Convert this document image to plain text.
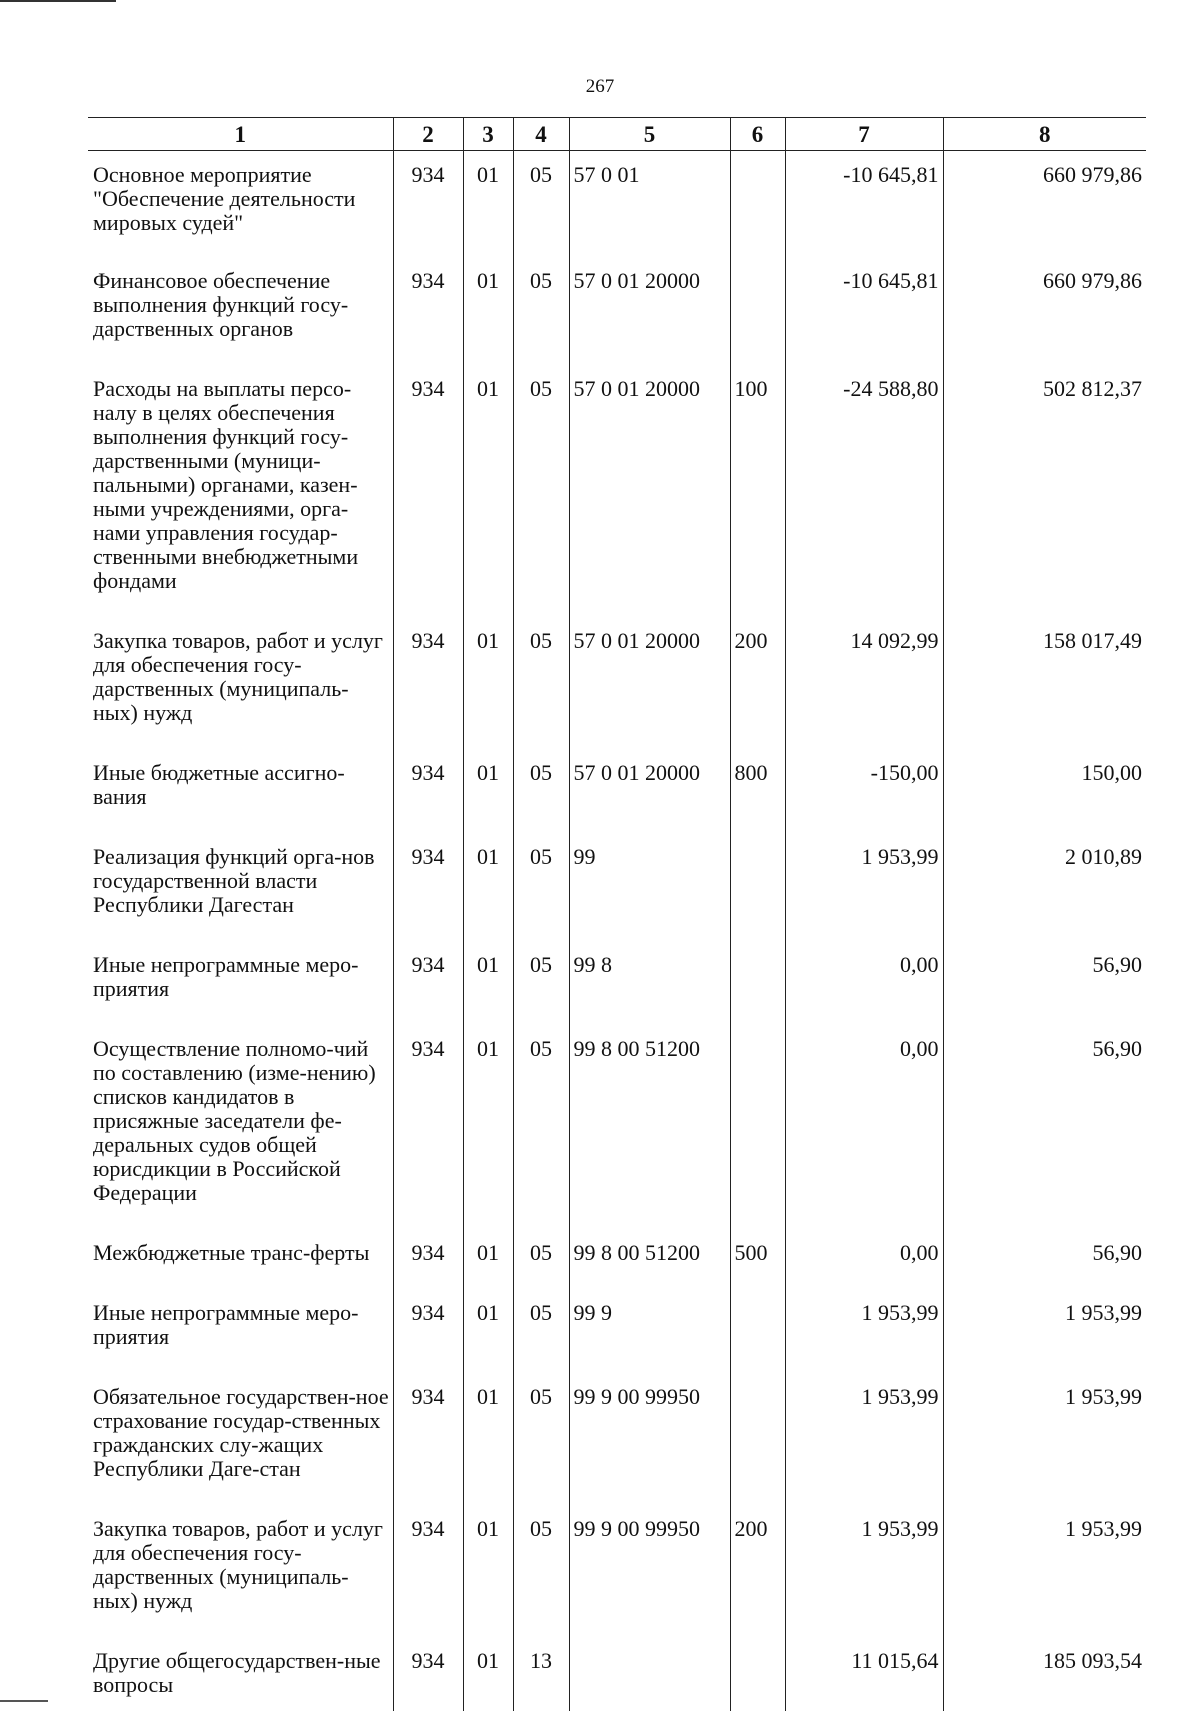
267
1	2	3	4	5	6	7	8
Основное мероприятие "Обеспечение деятельности мировых судей"	934	01	05	57 0 01		-10 645,81	660 979,86
Финансовое обеспечение выполнения функций госу-дарственных органов	934	01	05	57 0 01 20000		-10 645,81	660 979,86
Расходы на выплаты персо-налу в целях обеспечения выполнения функций госу-дарственными (муници-пальными) органами, казен-ными учреждениями, орга-нами управления государ-ственными внебюджетными фондами	934	01	05	57 0 01 20000	100	-24 588,80	502 812,37
Закупка товаров, работ и услуг для обеспечения госу-дарственных (муниципаль-ных) нужд	934	01	05	57 0 01 20000	200	14 092,99	158 017,49
Иные бюджетные ассигно-вания	934	01	05	57 0 01 20000	800	-150,00	150,00
Реализация функций орга-нов государственной власти Республики Дагестан	934	01	05	99		1 953,99	2 010,89
Иные непрограммные меро-приятия	934	01	05	99 8		0,00	56,90
Осуществление полномо-чий по составлению (изме-нению) списков кандидатов в присяжные заседатели фе-деральных судов общей юрисдикции в Российской Федерации	934	01	05	99 8 00 51200		0,00	56,90
Межбюджетные транс-ферты	934	01	05	99 8 00 51200	500	0,00	56,90
Иные непрограммные меро-приятия	934	01	05	99 9		1 953,99	1 953,99
Обязательное государствен-ное страхование государ-ственных гражданских слу-жащих Республики Даге-стан	934	01	05	99 9 00 99950		1 953,99	1 953,99
Закупка товаров, работ и услуг для обеспечения госу-дарственных (муниципаль-ных) нужд	934	01	05	99 9 00 99950	200	1 953,99	1 953,99
Другие общегосударствен-ные вопросы	934	01	13			11 015,64	185 093,54
